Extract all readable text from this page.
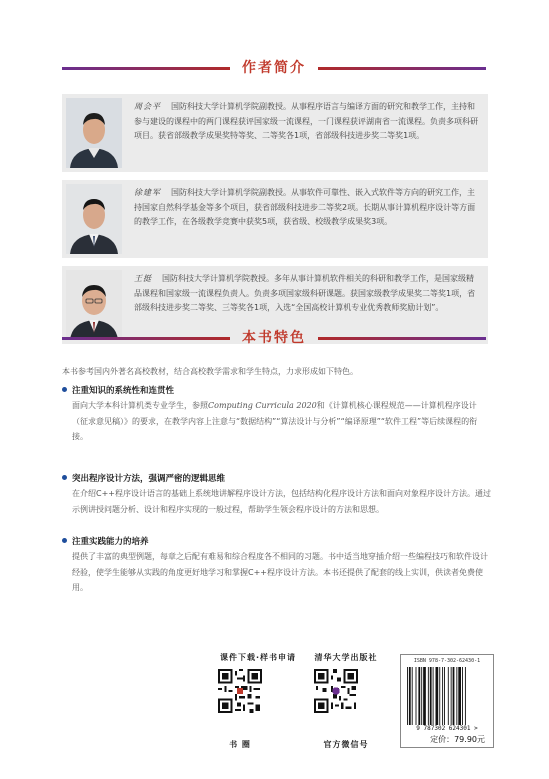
作者简介
周会平 国防科技大学计算机学院副教授。从事程序语言与编译方面的研究和教学工作，主持和参与建设的课程中的两门课程获评国家级一流课程，一门课程获评湖南省一流课程。负责多项科研项目。获省部级教学成果奖特等奖、二等奖各1项，省部级科技进步奖二等奖1项。
徐建军 国防科技大学计算机学院副教授。从事软件可靠性、嵌入式软件等方向的研究工作，主持国家自然科学基金等多个项目，获省部级科技进步二等奖2项。长期从事计算机程序设计等方面的教学工作，在各级教学竞赛中获奖5项，获省级、校级教学成果奖3项。
王挺 国防科技大学计算机学院教授。多年从事计算机软件相关的科研和教学工作，是国家级精品课程和国家级一流课程负责人。负责多项国家级科研课题。获国家级教学成果奖二等奖1项，省部级科技进步奖二等奖、三等奖各1项，入选“全国高校计算机专业优秀教师奖励计划”。
本书特色
本书参考国内外著名高校教材，结合高校教学需求和学生特点，力求形成如下特色。
注重知识的系统性和连贯性
面向大学本科计算机类专业学生，参照Computing Curricula 2020和《计算机核心课程规范——计算机程序设计（征求意见稿）》的要求，在教学内容上注意与“数据结构”“算法设计与分析”“编译原理”“软件工程”等后续课程的衔接。
突出程序设计方法，强调严密的逻辑思维
在介绍C++程序设计语言的基础上系统地讲解程序设计方法，包括结构化程序设计方法和面向对象程序设计方法。通过示例讲授问题分析、设计和程序实现的一般过程，帮助学生领会程序设计的方法和思想。
注重实践能力的培养
提供了丰富的典型例题，每章之后配有难易和综合程度各不相同的习题。书中适当地穿插介绍一些编程技巧和软件设计经验，使学生能够从实践的角度更好地学习和掌握C++程序设计方法。本书还提供了配套的线上实训，供读者免费使用。
课件下载·样书申请
书 圈
清华大学出版社
官方微信号
ISBN 978-7-302-62430-1
9 787302 624301 >
定价：79.90元
